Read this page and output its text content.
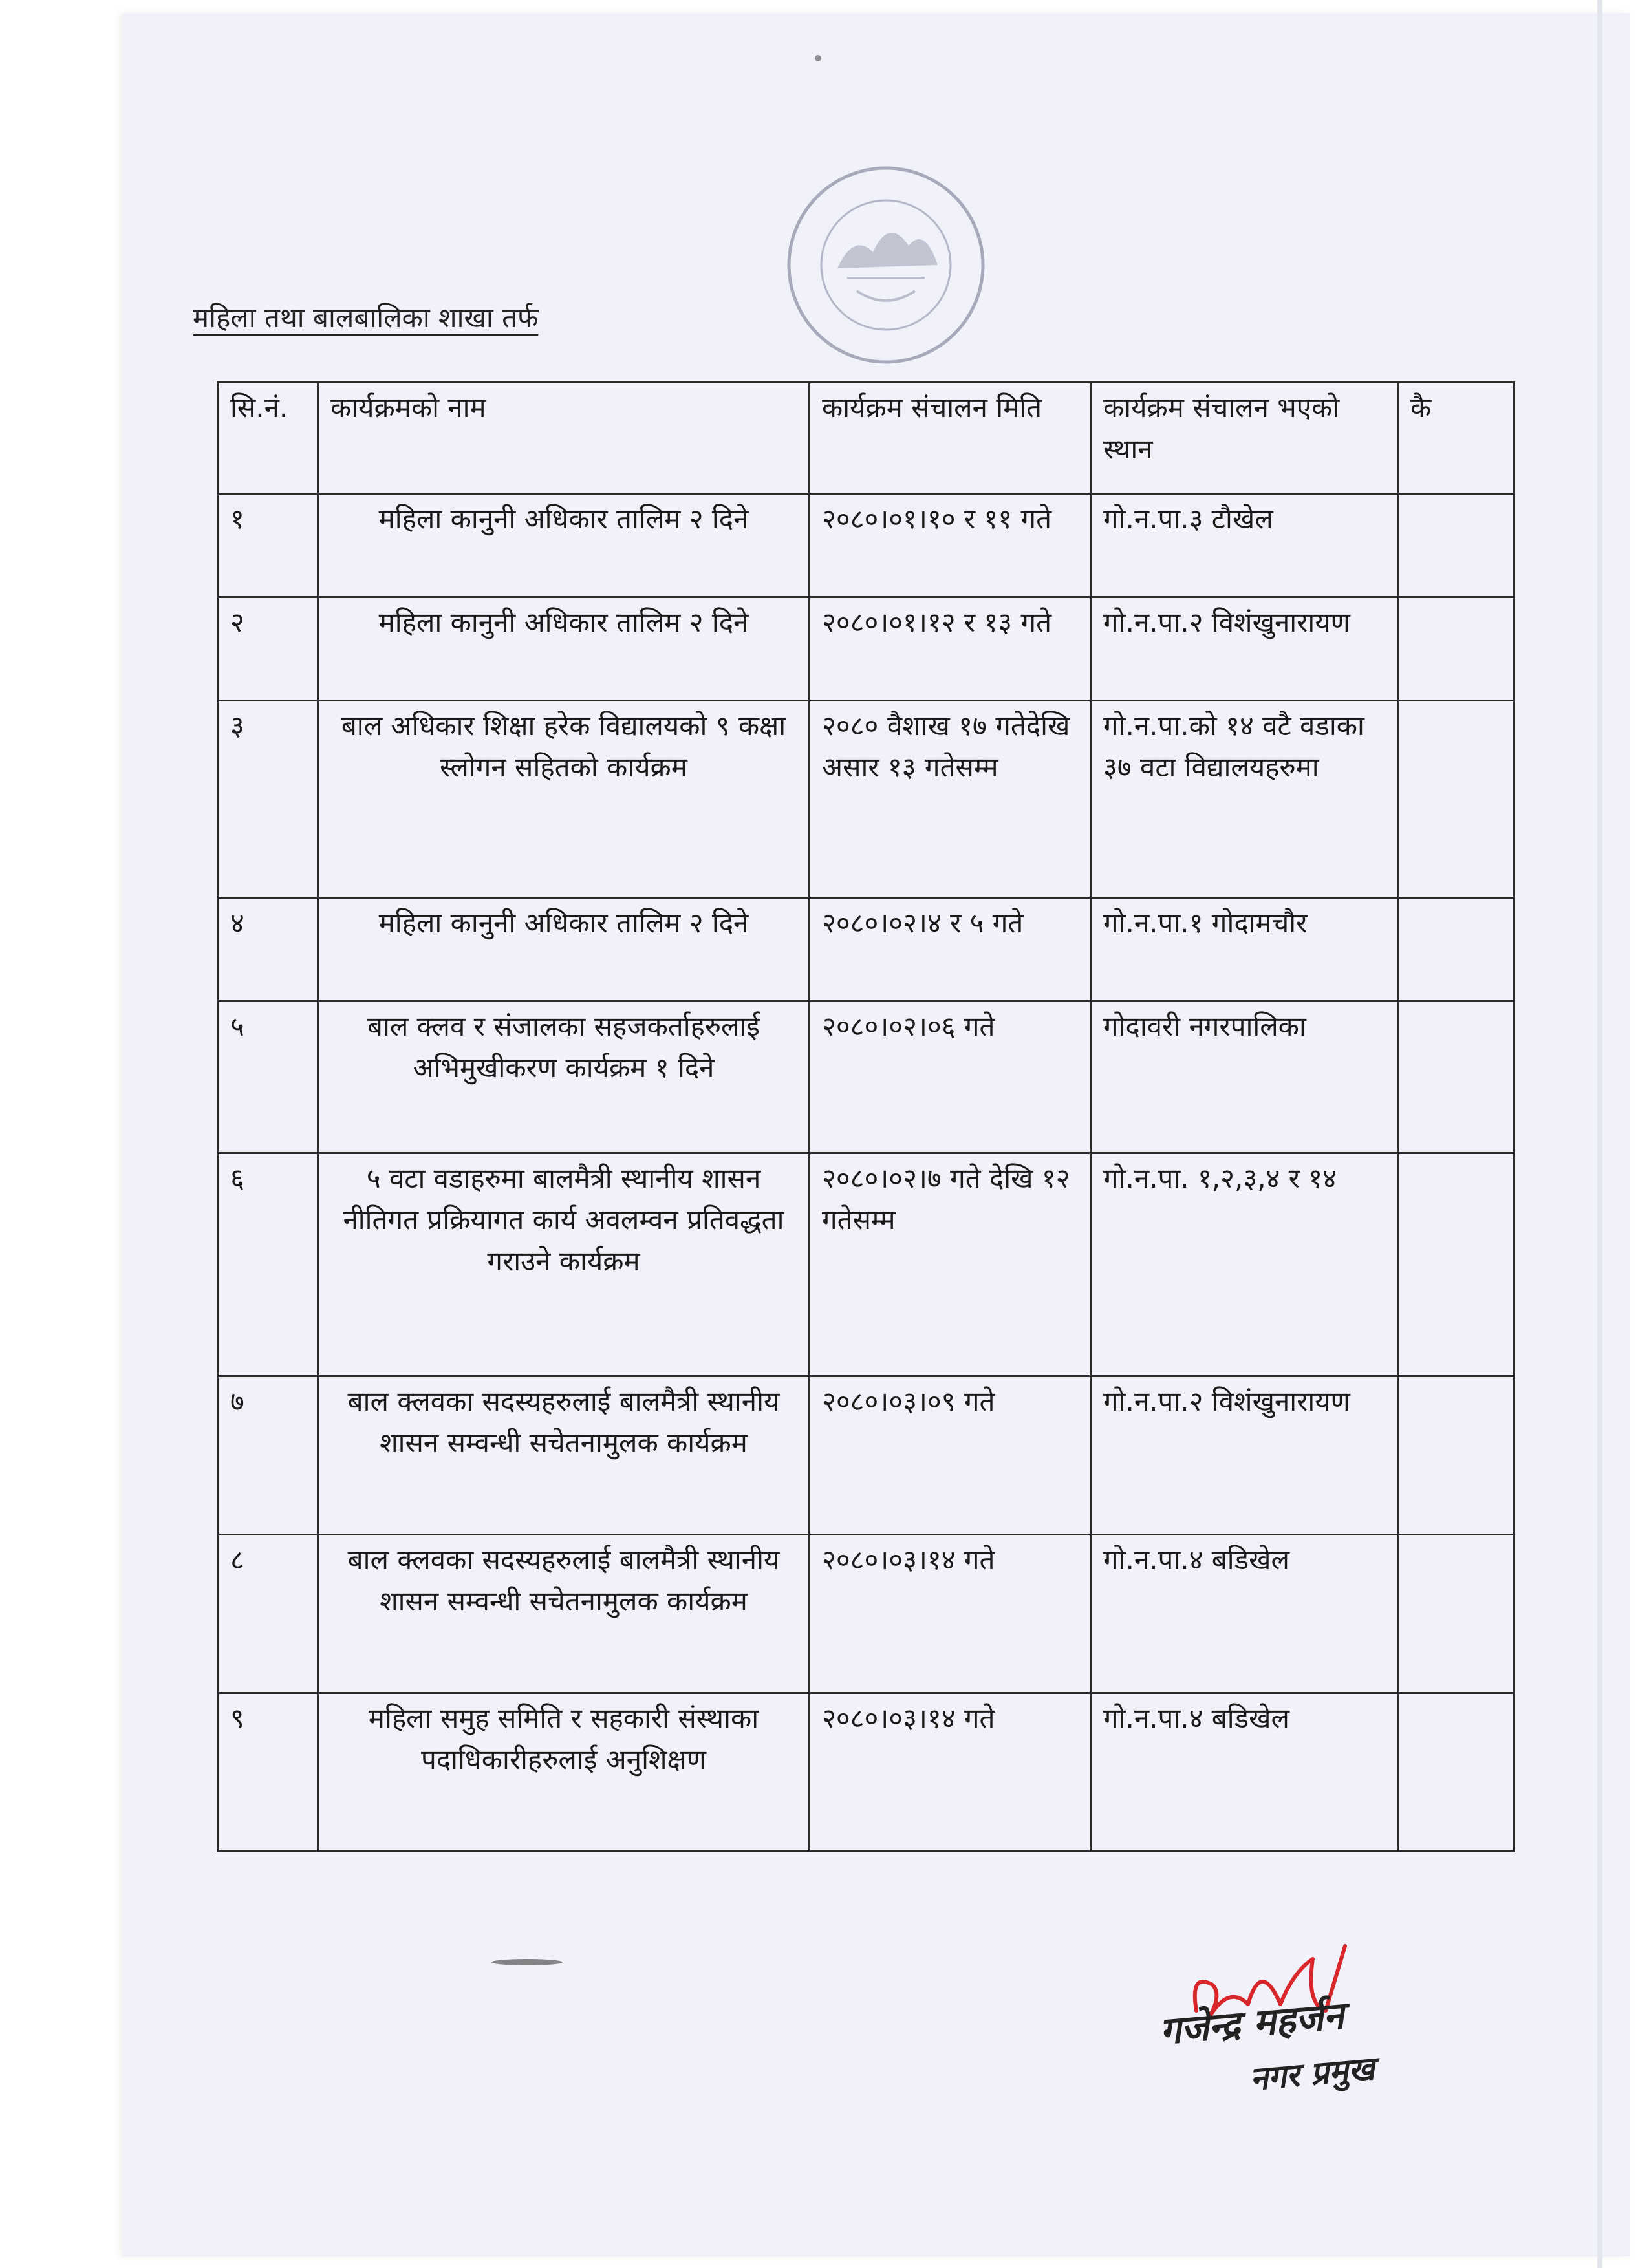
महिला तथा बालबालिका शाखा तर्फ
सि.नं.	कार्यक्रमको नाम	कार्यक्रम संचालन मिति	कार्यक्रम संचालन भएको स्थान	कै
१	महिला कानुनी अधिकार तालिम २ दिने	२०८०।०१।१० र ११ गते	गो.न.पा.३ टौखेल	
२	महिला कानुनी अधिकार तालिम २ दिने	२०८०।०१।१२ र १३ गते	गो.न.पा.२ विशंखुनारायण	
३	बाल अधिकार शिक्षा हरेक विद्यालयको ९ कक्षा स्लोगन सहितको कार्यक्रम	२०८० वैशाख १७ गतेदेखि असार १३ गतेसम्म	गो.न.पा.को १४ वटै वडाका ३७ वटा विद्यालयहरुमा	
४	महिला कानुनी अधिकार तालिम २ दिने	२०८०।०२।४ र ५ गते	गो.न.पा.१ गोदामचौर	
५	बाल क्लव र संजालका सहजकर्ताहरुलाई अभिमुखीकरण कार्यक्रम १ दिने	२०८०।०२।०६ गते	गोदावरी नगरपालिका	
६	५ वटा वडाहरुमा बालमैत्री स्थानीय शासन नीतिगत प्रक्रियागत कार्य अवलम्वन प्रतिवद्धता गराउने कार्यक्रम	२०८०।०२।७ गते देखि १२ गतेसम्म	गो.न.पा. १,२,३,४ र १४	
७	बाल क्लवका सदस्यहरुलाई बालमैत्री स्थानीय शासन सम्वन्धी सचेतनामुलक कार्यक्रम	२०८०।०३।०९ गते	गो.न.पा.२ विशंखुनारायण	
८	बाल क्लवका सदस्यहरुलाई बालमैत्री स्थानीय शासन सम्वन्धी सचेतनामुलक कार्यक्रम	२०८०।०३।१४ गते	गो.न.पा.४ बडिखेल	
९	महिला समुह समिति र सहकारी संस्थाका पदाधिकारीहरुलाई अनुशिक्षण	२०८०।०३।१४ गते	गो.न.पा.४ बडिखेल	
गजेन्द्र महर्जन
नगर प्रमुख
